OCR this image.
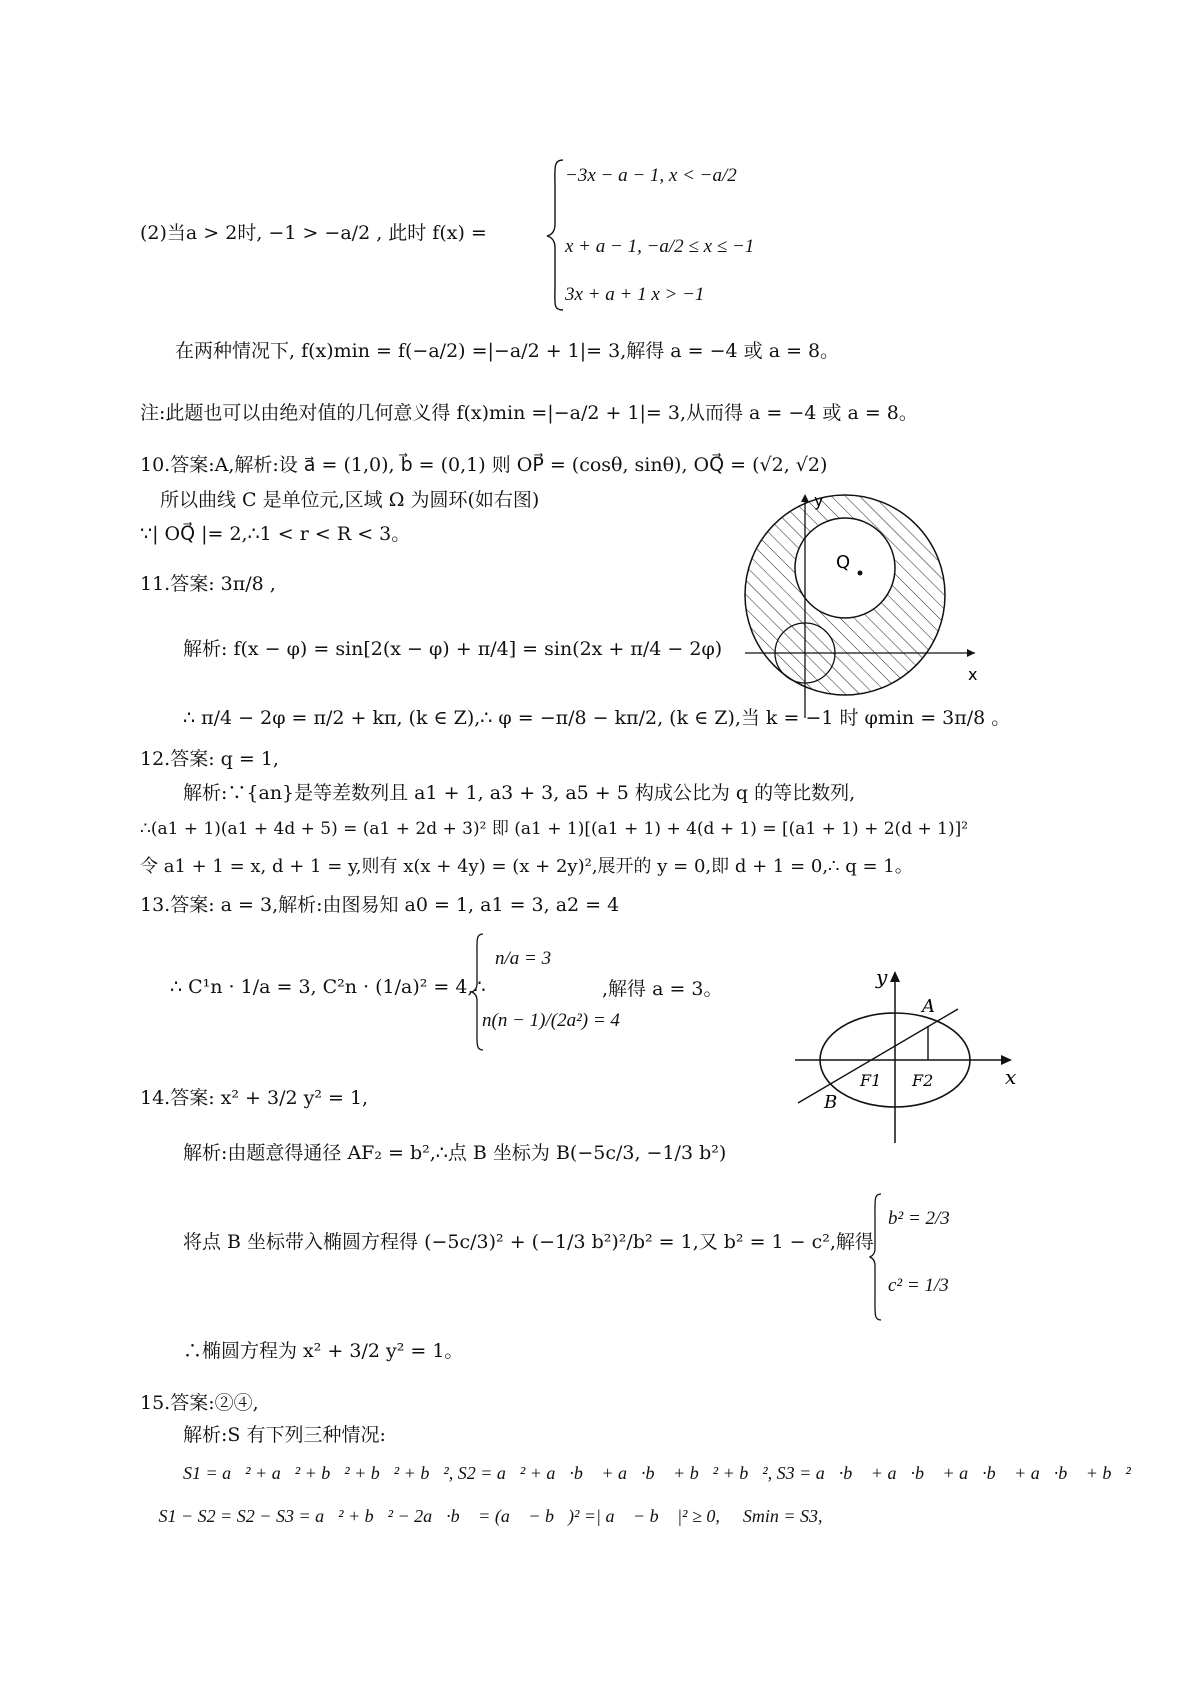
(2)当a > 2时, −1 > −a/2 , 此时 f(x) =
−3x − a − 1, x < −a/2
x + a − 1, −a/2 ≤ x ≤ −1
3x + a + 1 x > −1
在两种情况下, f(x)min = f(−a/2) =|−a/2 + 1|= 3,解得 a = −4 或 a = 8。
注:此题也可以由绝对值的几何意义得 f(x)min =|−a/2 + 1|= 3,从而得 a = −4 或 a = 8。
10.答案:A,解析:设 a⃗ = (1,0), b⃗ = (0,1) 则 OP⃗ = (cosθ, sinθ), OQ⃗ = (√2, √2)
所以曲线 C 是单位元,区域 Ω 为圆环(如右图)
∵| OQ⃗ |= 2,∴1 < r < R < 3。
11.答案: 3π/8 ,
解析: f(x − φ) = sin[2(x − φ) + π/4] = sin(2x + π/4 − 2φ)
∴ π/4 − 2φ = π/2 + kπ, (k ∈ Z),∴ φ = −π/8 − kπ/2, (k ∈ Z),当 k = −1 时 φmin = 3π/8 。
12.答案: q = 1,
解析:∵{an}是等差数列且 a1 + 1, a3 + 3, a5 + 5 构成公比为 q 的等比数列,
∴(a1 + 1)(a1 + 4d + 5) = (a1 + 2d + 3)² 即 (a1 + 1)[(a1 + 1) + 4(d + 1) = [(a1 + 1) + 2(d + 1)]²
令 a1 + 1 = x, d + 1 = y,则有 x(x + 4y) = (x + 2y)²,展开的 y = 0,即 d + 1 = 0,∴ q = 1。
13.答案: a = 3,解析:由图易知 a0 = 1, a1 = 3, a2 = 4
∴ C¹n · 1/a = 3, C²n · (1/a)² = 4,∴
n/a = 3
n(n − 1)/(2a²) = 4
,解得 a = 3。
14.答案: x² + 3/2 y² = 1,
解析:由题意得通径 AF₂ = b²,∴点 B 坐标为 B(−5c/3, −1/3 b²)
将点 B 坐标带入椭圆方程得 (−5c/3)² + (−1/3 b²)²/b² = 1,又 b² = 1 − c²,解得
b² = 2/3
c² = 1/3
∴椭圆方程为 x² + 3/2 y² = 1。
15.答案:②④,
解析:S 有下列三种情况:
S1 = a⃗² + a⃗² + b⃗² + b⃗² + b⃗², S2 = a⃗² + a⃗·b⃗ + a⃗·b⃗ + b⃗² + b⃗², S3 = a⃗·b⃗ + a⃗·b⃗ + a⃗·b⃗ + a⃗·b⃗ + b⃗²
∵ S1 − S2 = S2 − S3 = a⃗² + b⃗² − 2a⃗·b⃗ = (a⃗ − b⃗)² =| a⃗ − b⃗ |² ≥ 0, ∴ Smin = S3,
y
x
Q
y
x
A
B
F1 F2
